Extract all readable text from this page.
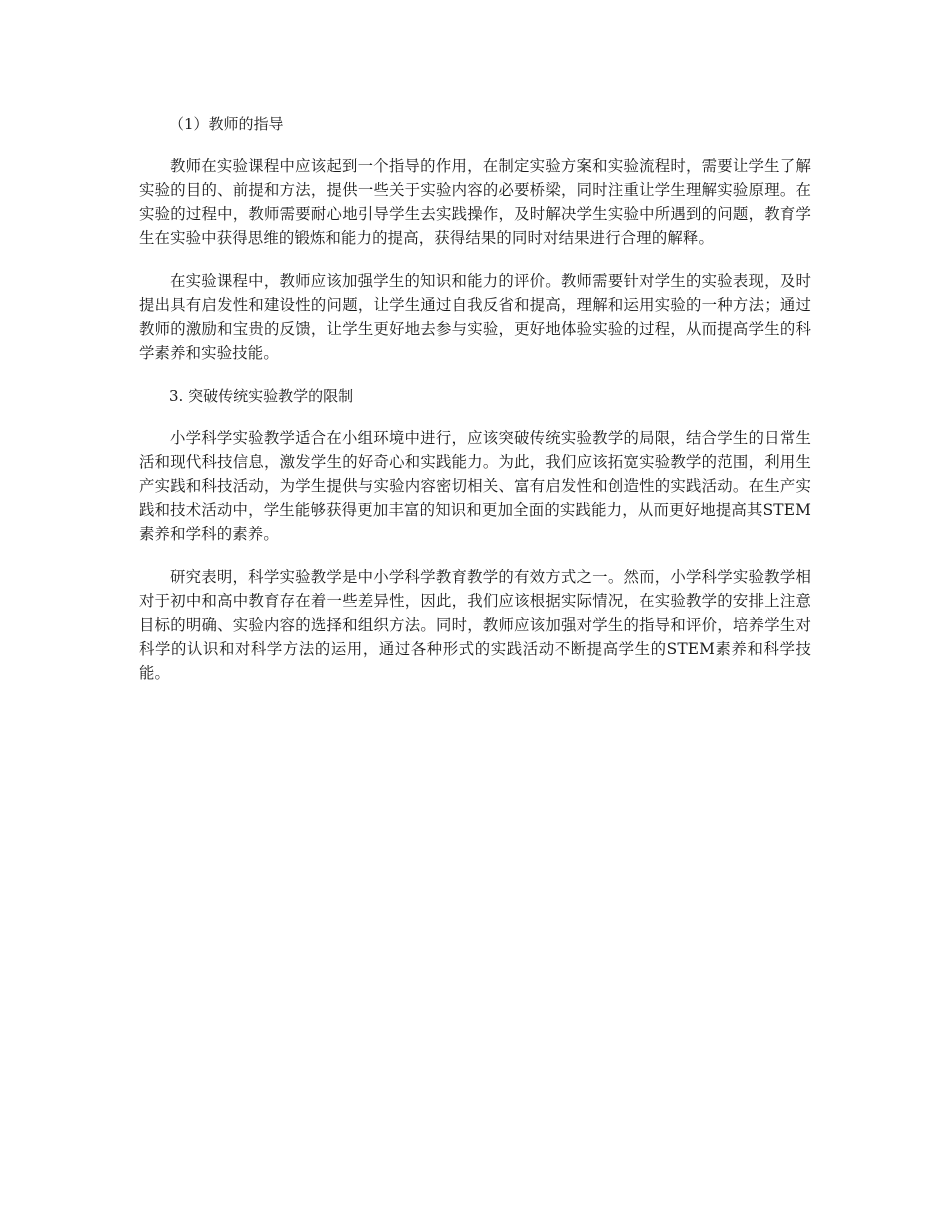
（1）教师的指导

教师在实验课程中应该起到一个指导的作用，在制定实验方案和实验流程时，需要让学生了解实验的目的、前提和方法，提供一些关于实验内容的必要桥梁，同时注重让学生理解实验原理。在实验的过程中，教师需要耐心地引导学生去实践操作，及时解决学生实验中所遇到的问题，教育学生在实验中获得思维的锻炼和能力的提高，获得结果的同时对结果进行合理的解释。

在实验课程中，教师应该加强学生的知识和能力的评价。教师需要针对学生的实验表现，及时提出具有启发性和建设性的问题，让学生通过自我反省和提高，理解和运用实验的一种方法；通过教师的激励和宝贵的反馈，让学生更好地去参与实验，更好地体验实验的过程，从而提高学生的科学素养和实验技能。

3. 突破传统实验教学的限制

小学科学实验教学适合在小组环境中进行，应该突破传统实验教学的局限，结合学生的日常生活和现代科技信息，激发学生的好奇心和实践能力。为此，我们应该拓宽实验教学的范围，利用生产实践和科技活动，为学生提供与实验内容密切相关、富有启发性和创造性的实践活动。在生产实践和技术活动中，学生能够获得更加丰富的知识和更加全面的实践能力，从而更好地提高其STEM素养和学科的素养。

研究表明，科学实验教学是中小学科学教育教学的有效方式之一。然而，小学科学实验教学相对于初中和高中教育存在着一些差异性，因此，我们应该根据实际情况，在实验教学的安排上注意目标的明确、实验内容的选择和组织方法。同时，教师应该加强对学生的指导和评价，培养学生对科学的认识和对科学方法的运用，通过各种形式的实践活动不断提高学生的STEM素养和科学技能。
